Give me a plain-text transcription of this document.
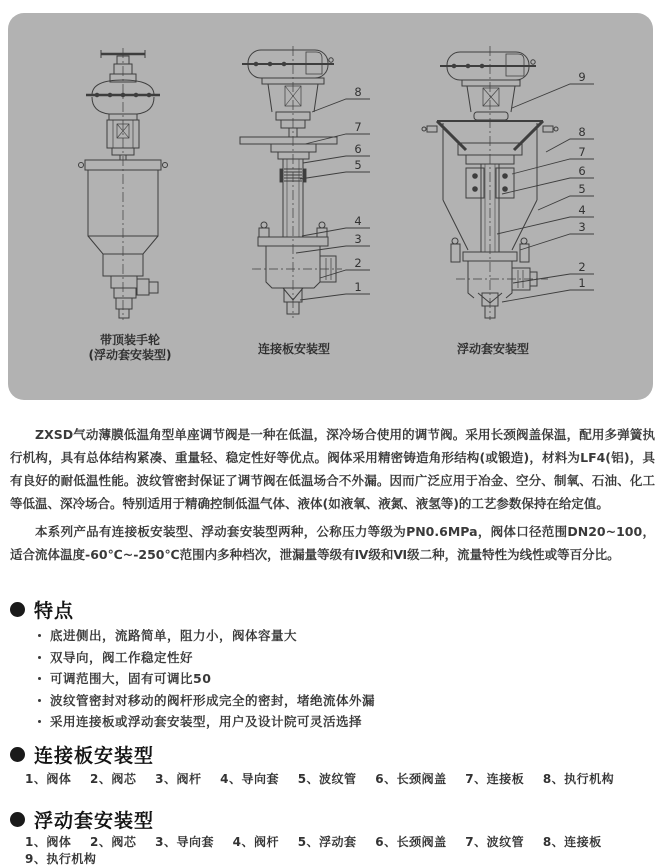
8
7
6
5
4
3
2
1
9
8
7
6
5
4
3
2
1
带顶装手轮
(浮动套安装型)	连接板安装型	浮动套安装型

ZXSD气动薄膜低温角型单座调节阀是一种在低温，深冷场合使用的调节阀。采用长颈阀盖保温，配用多弹簧执行机构，具有总体结构紧凑、重量轻、稳定性好等优点。阀体采用精密铸造角形结构(或锻造)，材料为LF4(铝)，具有良好的耐低温性能。波纹管密封保证了调节阀在低温场合不外漏。因而广泛应用于冶金、空分、制氧、石油、化工等低温、深冷场合。特别适用于精确控制低温气体、液体(如液氧、液氮、液氢等)的工艺参数保持在给定值。

本系列产品有连接板安装型、浮动套安装型两种，公称压力等级为PN0.6MPa，阀体口径范围DN20~100，适合流体温度-60℃~-250℃范围内多种档次，泄漏量等级有Ⅳ级和Ⅵ级二种，流量特性为线性或等百分比。

特点
底进侧出，流路简单，阻力小，阀体容量大
双导向，阀工作稳定性好
可调范围大，固有可调比50
波纹管密封对移动的阀杆形成完全的密封，堵绝流体外漏
采用连接板或浮动套安装型，用户及设计院可灵活选择
连接板安装型
1、阀体 2、阀芯 3、阀杆 4、导向套 5、波纹管 6、长颈阀盖 7、连接板 8、执行机构
浮动套安装型
1、阀体 2、阀芯 3、导向套 4、阀杆 5、浮动套 6、长颈阀盖 7、波纹管 8、连接板 9、执行机构
